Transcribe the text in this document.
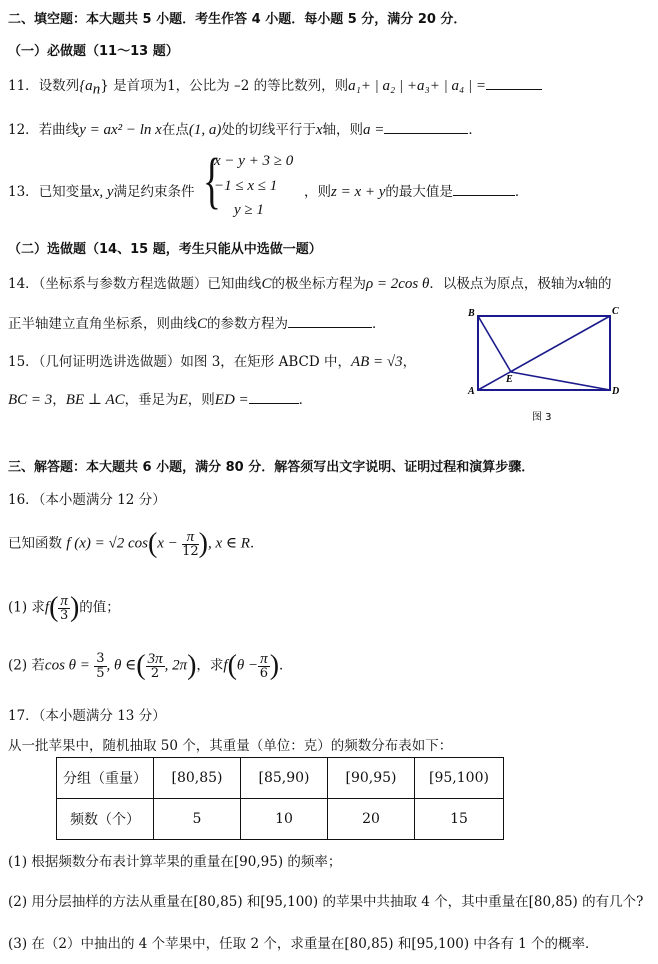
二、填空题：本大题共 5 小题．考生作答 4 小题．每小题 5 分，满分 20 分．
（一）必做题（11～13 题）
11．设数列$\{a_n\}$ 是首项为1，公比为 –2 的等比数列，则a₁+ | a₂ | +a₃+ | a₄ | =
12．若曲线y = ax² − ln x在点(1, a)处的切线平行于x轴，则a =	．
13．已知变量x, y满足约束条件 {
x − y + 3 ≥ 0
−1 ≤ x ≤ 1
y ≥ 1
，则z = x + y的最大值是	．
（二）选做题（14、15 题，考生只能从中选做一题）
14．（坐标系与参数方程选做题）已知曲线C的极坐标方程为ρ = 2cos θ．以极点为原点，极轴为x轴的
正半轴建立直角坐标系，则曲线C的参数方程为	．
15．（几何证明选讲选做题）如图 3，在矩形 ABCD 中，AB = √3，
BC = 3，BE ⊥ AC，垂足为E，则ED =	．
B	C
A	D
E
图 3
三、解答题：本大题共 6 小题，满分 80 分．解答须写出文字说明、证明过程和演算步骤．
16．（本小题满分 12 分）
已知函数 f (x) = √2 $\cos(x - \frac{\pi}{12}$ ), x ∈ R．
(1) 求$f( \frac{\pi}{3}$ )的值；
(2) 若$\cos \theta = \frac{3}{5}$ , θ ∈( $\frac{3\pi}{2}$ , 2π)，求$f(\theta - \frac{\pi}{6}$ )．
17．（本小题满分 13 分）
从一批苹果中，随机抽取 50 个，其重量（单位：克）的频数分布表如下：
分组（重量）	[80,85)	[85,90)	[90,95)	[95,100)
频数（个）	5	10	20	15
(1) 根据频数分布表计算苹果的重量在[90,95) 的频率；
(2) 用分层抽样的方法从重量在[80,85) 和[95,100) 的苹果中共抽取 4 个，其中重量在[80,85) 的有几个?
(3) 在（2）中抽出的 4 个苹果中，任取 2 个，求重量在[80,85) 和[95,100) 中各有 1 个的概率．
